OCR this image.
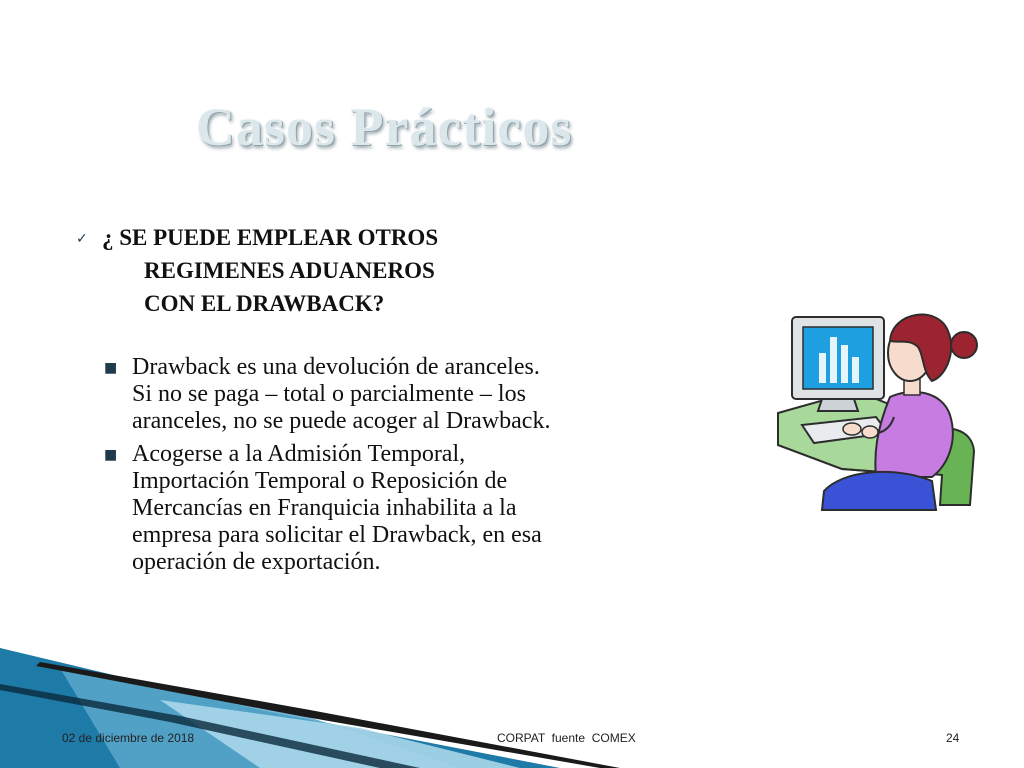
Casos Prácticos
✓ ¿ SE PUEDE EMPLEAR OTROS
REGIMENES ADUANEROS
CON EL DRAWBACK?
■ Drawback es una devolución de aranceles.
Si no se paga – total o parcialmente – los
aranceles, no se puede acoger al Drawback.
■ Acogerse a la Admisión Temporal,
Importación Temporal o Reposición de
Mercancías en Franquicia inhabilita a la
empresa para solicitar el Drawback, en esa
operación de exportación.
02 de diciembre de 2018	CORPAT  fuente  COMEX	24
